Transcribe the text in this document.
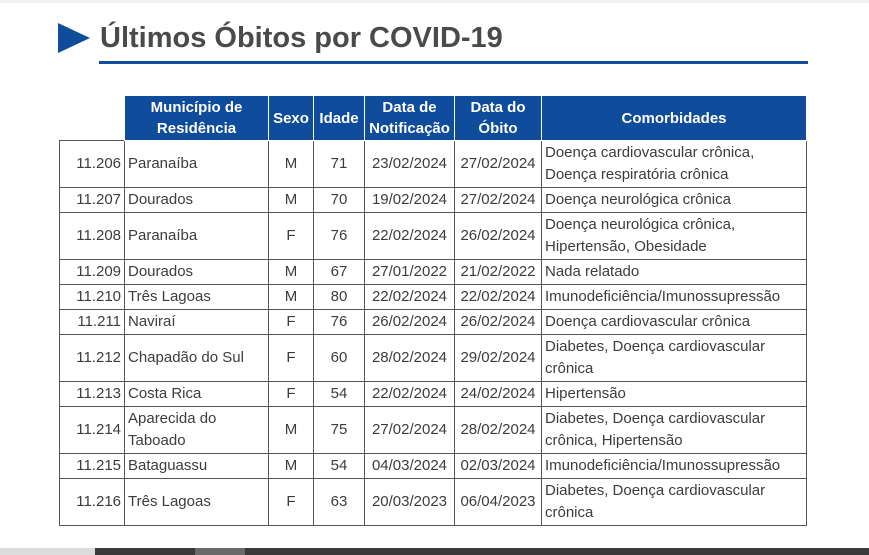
Últimos Óbitos por COVID-19
	Município de Residência	Sexo	Idade	Data de Notificação	Data do Óbito	Comorbidades
11.206	Paranaíba	M	71	23/02/2024	27/02/2024	Doença cardiovascular crônica, Doença respiratória crônica
11.207	Dourados	M	70	19/02/2024	27/02/2024	Doença neurológica crônica
11.208	Paranaíba	F	76	22/02/2024	26/02/2024	Doença neurológica crônica, Hipertensão, Obesidade
11.209	Dourados	M	67	27/01/2022	21/02/2022	Nada relatado
11.210	Três Lagoas	M	80	22/02/2024	22/02/2024	Imunodeficiência/Imunossupressão
11.211	Naviraí	F	76	26/02/2024	26/02/2024	Doença cardiovascular crônica
11.212	Chapadão do Sul	F	60	28/02/2024	29/02/2024	Diabetes, Doença cardiovascular crônica
11.213	Costa Rica	F	54	22/02/2024	24/02/2024	Hipertensão
11.214	Aparecida do Taboado	M	75	27/02/2024	28/02/2024	Diabetes, Doença cardiovascular crônica, Hipertensão
11.215	Bataguassu	M	54	04/03/2024	02/03/2024	Imunodeficiência/Imunossupressão
11.216	Três Lagoas	F	63	20/03/2023	06/04/2023	Diabetes, Doença cardiovascular crônica
